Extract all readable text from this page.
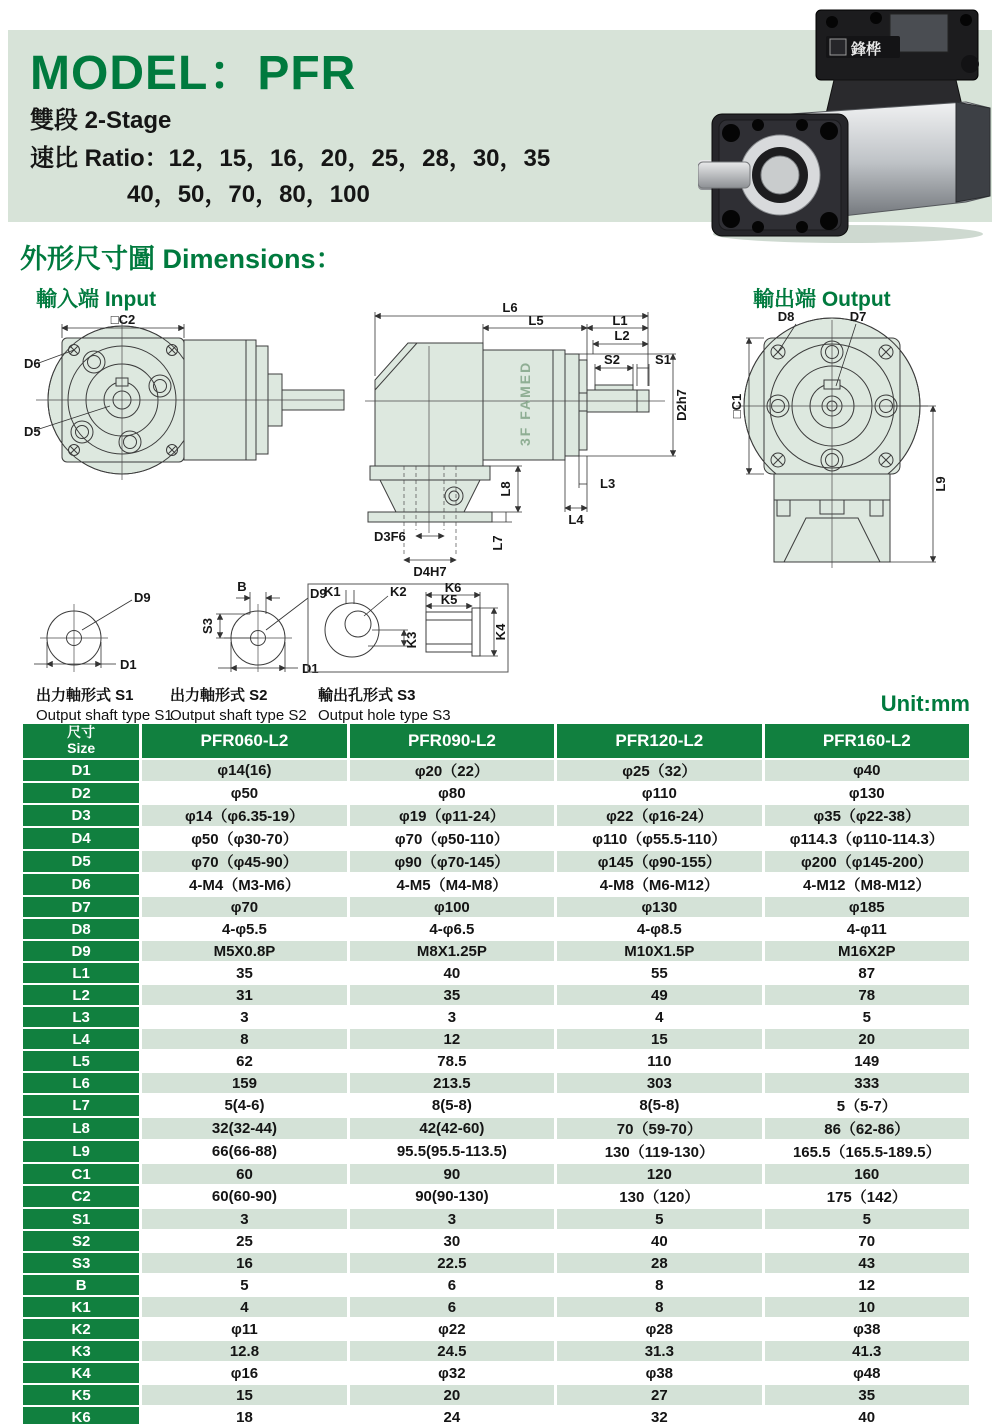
MODEL：PFR
雙段 2-Stage
速比 Ratio：12，15，16，20，25，28，30，35
40，50，70，80，100
鋒桦
外形尺寸圖 Dimensions：
輸入端 Input	輸出端 Output
□C2
D6
D5
L6
L5	L1
L2
S2	S1
D2h7
L3
L4
L8
L7
D3F6
D4H7
3F FAMED	□C1
L9
D8	D7
D9
D1
B
S3
D9
D1
K1	K2
K3
K6
K5
K4
出力軸形式 S1
Output shaft type S1
出力軸形式 S2
Output shaft type S2
輸出孔形式 S3
Output hole type S3	Unit:mm
尺寸
Size	PFR060-L2	PFR090-L2	PFR120-L2	PFR160-L2
D1	φ14(16)	φ20（22）	φ25（32）	φ40
D2	φ50	φ80	φ110	φ130
D3	φ14（φ6.35-19）	φ19（φ11-24）	φ22（φ16-24）	φ35（φ22-38）
D4	φ50（φ30-70）	φ70（φ50-110）	φ110（φ55.5-110）	φ114.3（φ110-114.3）
D5	φ70（φ45-90）	φ90（φ70-145）	φ145（φ90-155）	φ200（φ145-200）
D6	4-M4（M3-M6）	4-M5（M4-M8）	4-M8（M6-M12）	4-M12（M8-M12）
D7	φ70	φ100	φ130	φ185
D8	4-φ5.5	4-φ6.5	4-φ8.5	4-φ11
D9	M5X0.8P	M8X1.25P	M10X1.5P	M16X2P
L1	35	40	55	87
L2	31	35	49	78
L3	3	3	4	5
L4	8	12	15	20
L5	62	78.5	110	149
L6	159	213.5	303	333
L7	5(4-6)	8(5-8)	8(5-8)	5（5-7）
L8	32(32-44)	42(42-60)	70（59-70）	86（62-86）
L9	66(66-88)	95.5(95.5-113.5)	130（119-130）	165.5（165.5-189.5）
C1	60	90	120	160
C2	60(60-90)	90(90-130)	130（120）	175（142）
S1	3	3	5	5
S2	25	30	40	70
S3	16	22.5	28	43
B	5	6	8	12
K1	4	6	8	10
K2	φ11	φ22	φ28	φ38
K3	12.8	24.5	31.3	41.3
K4	φ16	φ32	φ38	φ48
K5	15	20	27	35
K6	18	24	32	40
